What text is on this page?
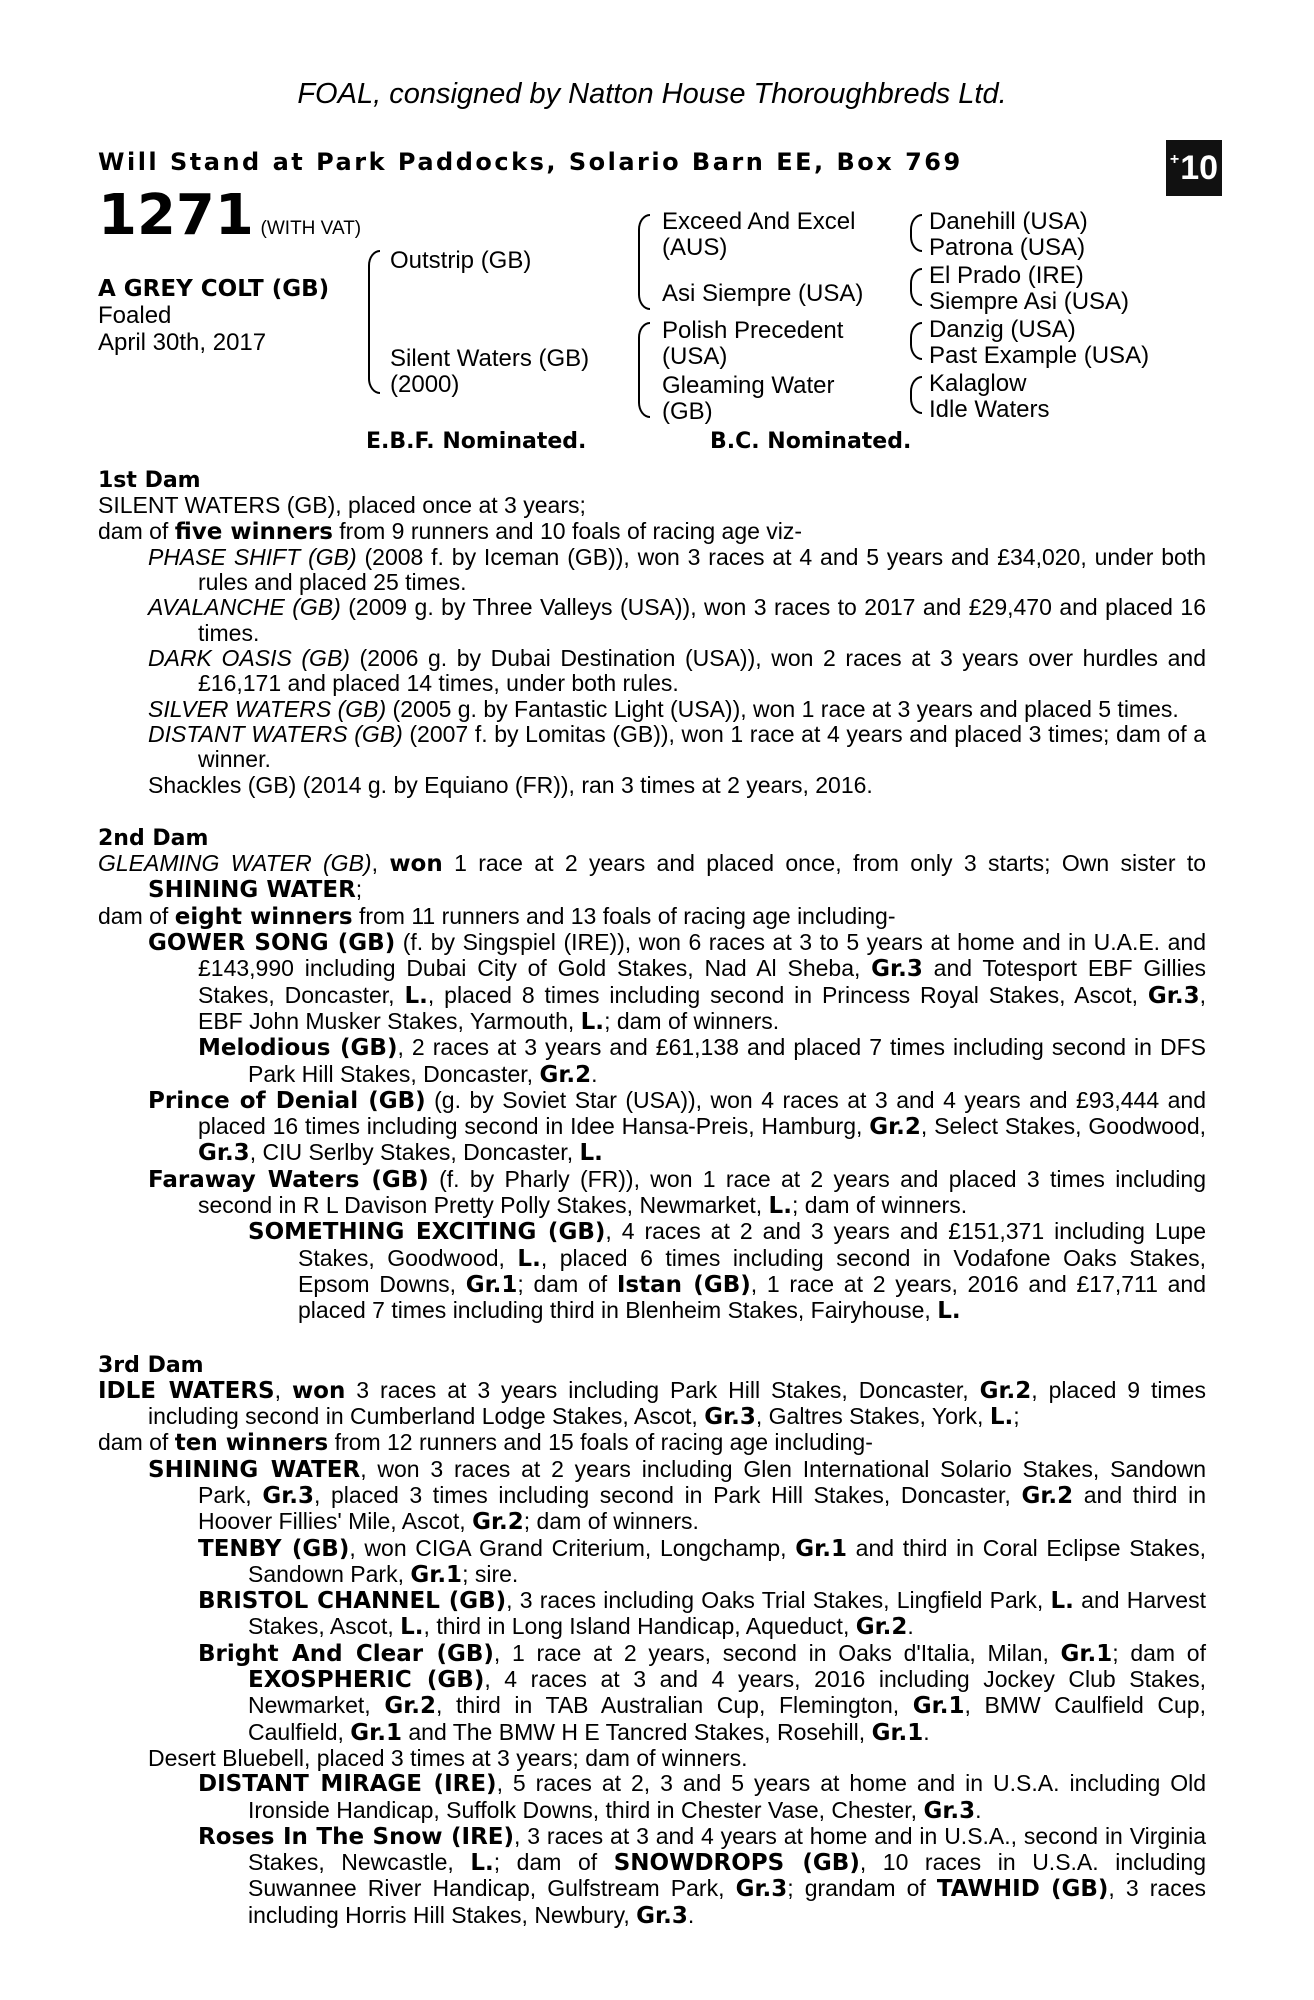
FOAL, consigned by Natton House Thoroughbreds Ltd.
Will Stand at Park Paddocks, Solario Barn EE, Box 769	+ 10
1271 (WITH VAT)
A GREY COLT (GB)
Foaled
April 30th, 2017
Outstrip (GB)
Silent Waters (GB)
(2000)
Exceed And Excel
(AUS)
Asi Siempre (USA)
Polish Precedent
(USA)
Gleaming Water
(GB)
Danehill (USA)
Patrona (USA)
El Prado (IRE)
Siempre Asi (USA)
Danzig (USA)
Past Example (USA)
Kalaglow
Idle Waters
E.B.F. Nominated.	B.C. Nominated.
1st Dam
SILENT WATERS (GB), placed once at 3 years;
dam of five winners from 9 runners and 10 foals of racing age viz-
PHASE SHIFT (GB) (2008 f. by Iceman (GB)), won 3 races at 4 and 5 years and £34,020, under both rules and placed 25 times.
AVALANCHE (GB) (2009 g. by Three Valleys (USA)), won 3 races to 2017 and £29,470 and placed 16 times.
DARK OASIS (GB) (2006 g. by Dubai Destination (USA)), won 2 races at 3 years over hurdles and £16,171 and placed 14 times, under both rules.
SILVER WATERS (GB) (2005 g. by Fantastic Light (USA)), won 1 race at 3 years and placed 5 times.
DISTANT WATERS (GB) (2007 f. by Lomitas (GB)), won 1 race at 4 years and placed 3 times; dam of a winner.
Shackles (GB) (2014 g. by Equiano (FR)), ran 3 times at 2 years, 2016.
2nd Dam
GLEAMING WATER (GB), won 1 race at 2 years and placed once, from only 3 starts; Own sister to SHINING WATER;
dam of eight winners from 11 runners and 13 foals of racing age including-
GOWER SONG (GB) (f. by Singspiel (IRE)), won 6 races at 3 to 5 years at home and in U.A.E. and £143,990 including Dubai City of Gold Stakes, Nad Al Sheba, Gr.3 and Totesport EBF Gillies Stakes, Doncaster, L., placed 8 times including second in Princess Royal Stakes, Ascot, Gr.3, EBF John Musker Stakes, Yarmouth, L.; dam of winners.
Melodious (GB), 2 races at 3 years and £61,138 and placed 7 times including second in DFS Park Hill Stakes, Doncaster, Gr.2.
Prince of Denial (GB) (g. by Soviet Star (USA)), won 4 races at 3 and 4 years and £93,444 and placed 16 times including second in Idee Hansa-Preis, Hamburg, Gr.2, Select Stakes, Goodwood, Gr.3, CIU Serlby Stakes, Doncaster, L.
Faraway Waters (GB) (f. by Pharly (FR)), won 1 race at 2 years and placed 3 times including second in R L Davison Pretty Polly Stakes, Newmarket, L.; dam of winners.
SOMETHING EXCITING (GB), 4 races at 2 and 3 years and £151,371 including Lupe Stakes, Goodwood, L., placed 6 times including second in Vodafone Oaks Stakes, Epsom Downs, Gr.1; dam of Istan (GB), 1 race at 2 years, 2016 and £17,711 and placed 7 times including third in Blenheim Stakes, Fairyhouse, L.
3rd Dam
IDLE WATERS, won 3 races at 3 years including Park Hill Stakes, Doncaster, Gr.2, placed 9 times including second in Cumberland Lodge Stakes, Ascot, Gr.3, Galtres Stakes, York, L.;
dam of ten winners from 12 runners and 15 foals of racing age including-
SHINING WATER, won 3 races at 2 years including Glen International Solario Stakes, Sandown Park, Gr.3, placed 3 times including second in Park Hill Stakes, Doncaster, Gr.2 and third in Hoover Fillies' Mile, Ascot, Gr.2; dam of winners.
TENBY (GB), won CIGA Grand Criterium, Longchamp, Gr.1 and third in Coral Eclipse Stakes, Sandown Park, Gr.1; sire.
BRISTOL CHANNEL (GB), 3 races including Oaks Trial Stakes, Lingfield Park, L. and Harvest Stakes, Ascot, L., third in Long Island Handicap, Aqueduct, Gr.2.
Bright And Clear (GB), 1 race at 2 years, second in Oaks d'Italia, Milan, Gr.1; dam of EXOSPHERIC (GB), 4 races at 3 and 4 years, 2016 including Jockey Club Stakes, Newmarket, Gr.2, third in TAB Australian Cup, Flemington, Gr.1, BMW Caulfield Cup, Caulfield, Gr.1 and The BMW H E Tancred Stakes, Rosehill, Gr.1.
Desert Bluebell, placed 3 times at 3 years; dam of winners.
DISTANT MIRAGE (IRE), 5 races at 2, 3 and 5 years at home and in U.S.A. including Old Ironside Handicap, Suffolk Downs, third in Chester Vase, Chester, Gr.3.
Roses In The Snow (IRE), 3 races at 3 and 4 years at home and in U.S.A., second in Virginia Stakes, Newcastle, L.; dam of SNOWDROPS (GB), 10 races in U.S.A. including Suwannee River Handicap, Gulfstream Park, Gr.3; grandam of TAWHID (GB), 3 races including Horris Hill Stakes, Newbury, Gr.3.
